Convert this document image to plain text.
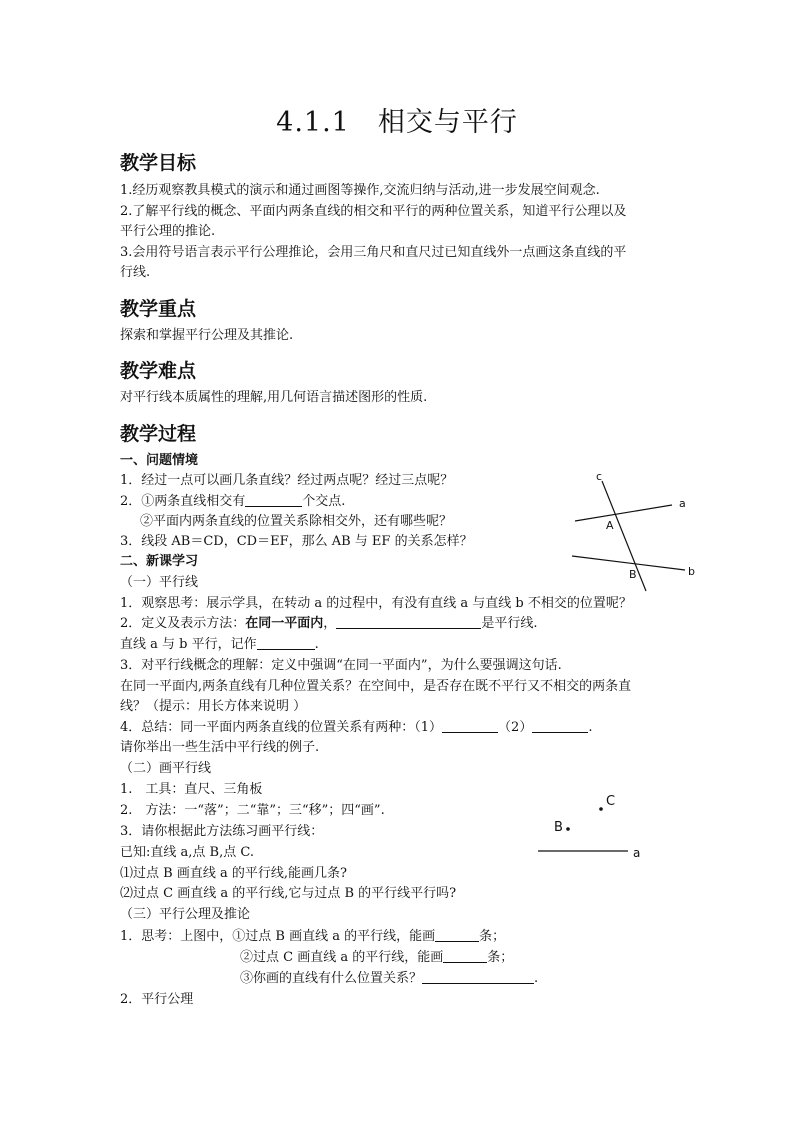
4.1.1　相交与平行
教学目标
1.经历观察教具模式的演示和通过画图等操作,交流归纳与活动,进一步发展空间观念.
2.了解平行线的概念、平面内两条直线的相交和平行的两种位置关系，知道平行公理以及
平行公理的推论.
3.会用符号语言表示平行公理推论，会用三角尺和直尺过已知直线外一点画这条直线的平
行线.
教学重点
探索和掌握平行公理及其推论.
教学难点
对平行线本质属性的理解,用几何语言描述图形的性质.
教学过程
一、问题情境
1．经过一点可以画几条直线？经过两点呢？经过三点呢？
2．①两条直线相交有	个交点.
②平面内两条直线的位置关系除相交外，还有哪些呢？
3．线段 AB＝CD，CD＝EF，那么 AB 与 EF 的关系怎样？
二、新课学习
（一）平行线
1．观察思考：展示学具，在转动 a 的过程中，有没有直线 a 与直线 b 不相交的位置呢？
2．定义及表示方法：在同一平面内，	是平行线.
直线 a 与 b 平行，记作	.
3．对平行线概念的理解：定义中强调“在同一平面内”，为什么要强调这句话.
在同一平面内,两条直线有几种位置关系？在空间中，是否存在既不平行又不相交的两条直
线？（提示：用长方体来说明 ）
4．总结：同一平面内两条直线的位置关系有两种：（1）	（2）	.
请你举出一些生活中平行线的例子.
（二）画平行线
1.　工具：直尺、三角板
2.　方法：一“落”；二“靠”；三“移”；四“画”.
3．请你根据此方法练习画平行线：
已知:直线 a,点 B,点 C.
⑴过点 B 画直线 a 的平行线,能画几条?
⑵过点 C 画直线 a 的平行线,它与过点 B 的平行线平行吗?
（三）平行公理及推论
1．思考：上图中，①过点 B 画直线 a 的平行线，能画	条；
②过点 C 画直线 a 的平行线，能画	条；
③你画的直线有什么位置关系？	.
2．平行公理
c
a
A
B	b
C
B
a
